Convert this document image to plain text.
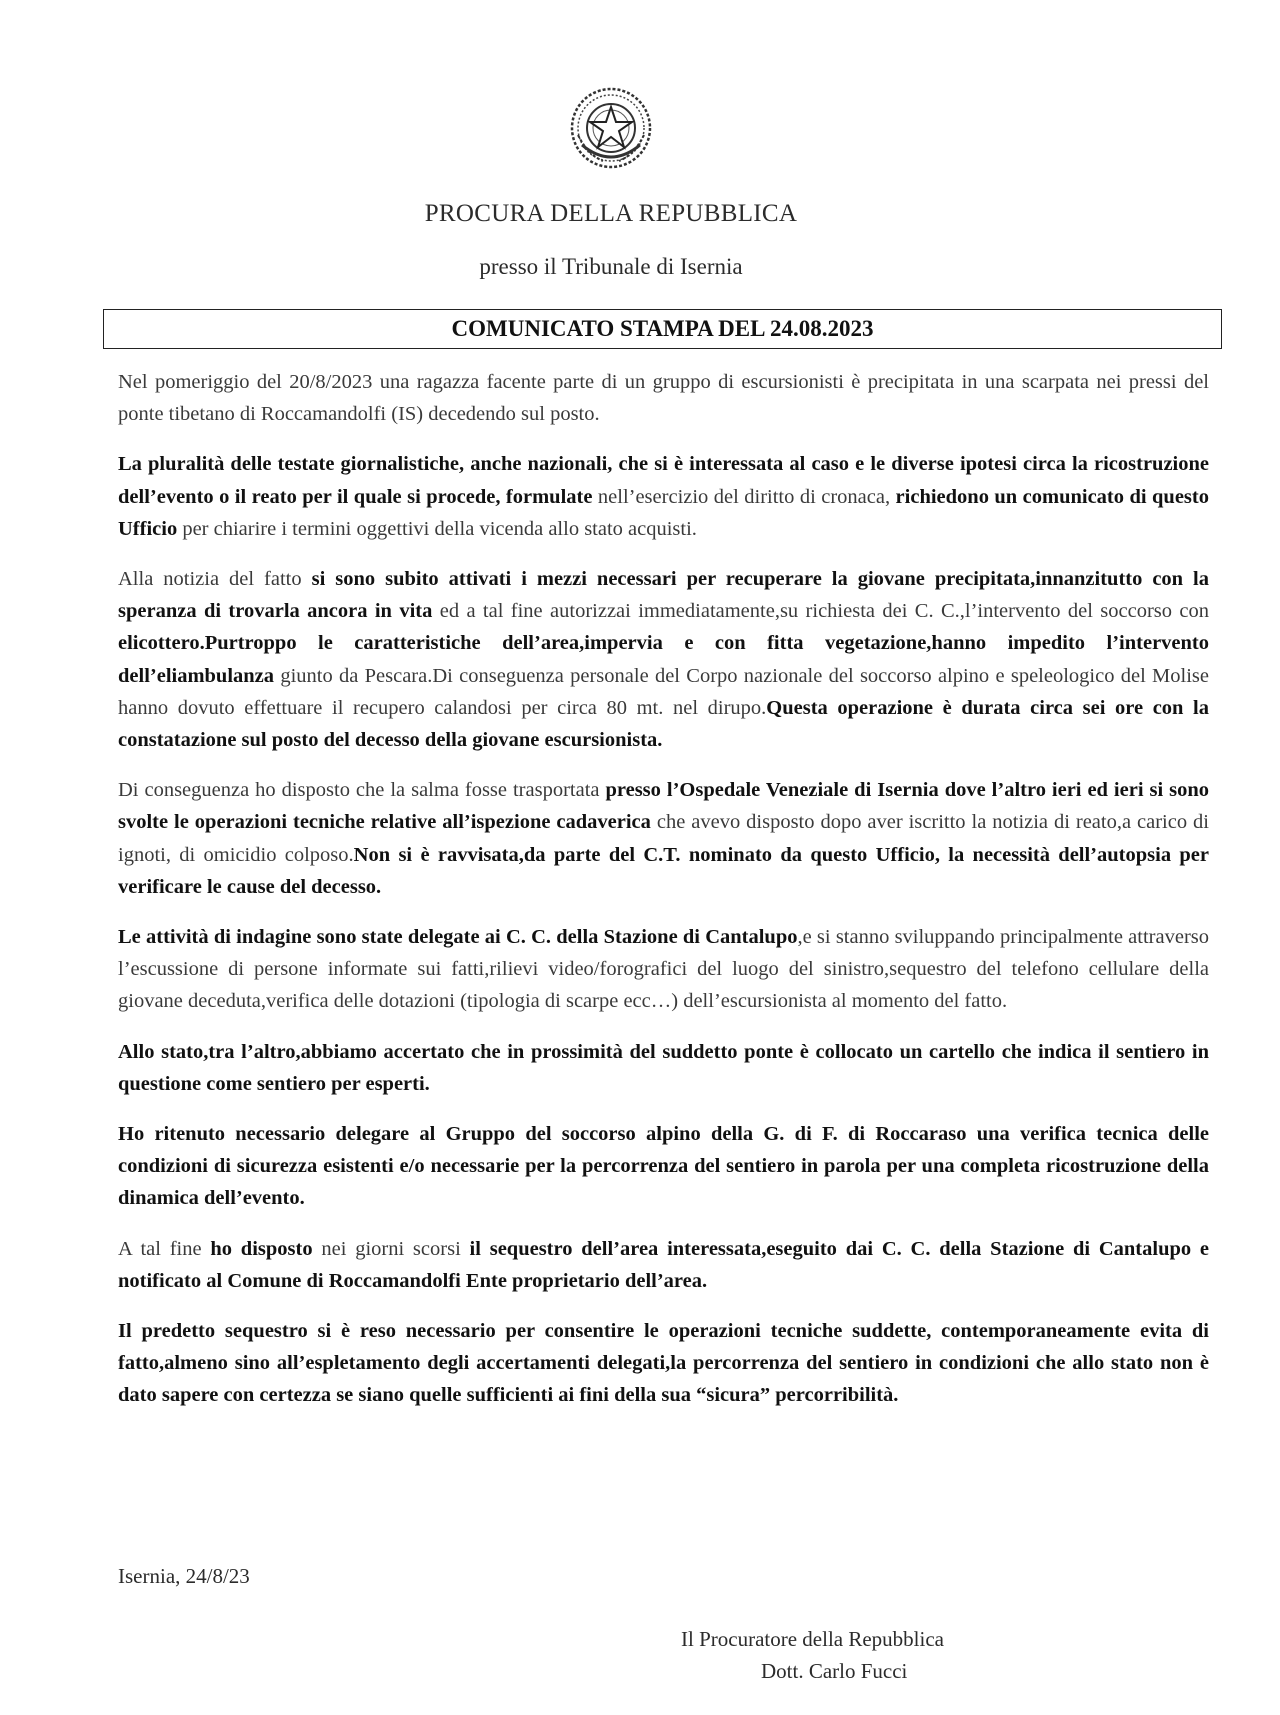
PROCURA DELLA REPUBBLICA
presso il Tribunale di Isernia
COMUNICATO STAMPA DEL 24.08.2023

Nel pomeriggio del 20/8/2023 una ragazza facente parte di un gruppo di escursionisti è precipitata in una scarpata nei pressi del ponte tibetano di Roccamandolfi (IS) decedendo sul posto.

La pluralità delle testate giornalistiche, anche nazionali, che si è interessata al caso e le diverse ipotesi circa la ricostruzione dell’evento o il reato per il quale si procede, formulate nell’esercizio del diritto di cronaca, richiedono un comunicato di questo Ufficio per chiarire i termini oggettivi della vicenda allo stato acquisti.

Alla notizia del fatto si sono subito attivati i mezzi necessari per recuperare la giovane precipitata,innanzitutto con la speranza di trovarla ancora in vita ed a tal fine autorizzai immediatamente,su richiesta dei C. C.,l’intervento del soccorso con elicottero.Purtroppo le caratteristiche dell’area,impervia e con fitta vegetazione,hanno impedito l’intervento dell’eliambulanza giunto da Pescara.Di conseguenza personale del Corpo nazionale del soccorso alpino e speleologico del Molise hanno dovuto effettuare il recupero calandosi per circa 80 mt. nel dirupo.Questa operazione è durata circa sei ore con la constatazione sul posto del decesso della giovane escursionista.

Di conseguenza ho disposto che la salma fosse trasportata presso l’Ospedale Veneziale di Isernia dove l’altro ieri ed ieri si sono svolte le operazioni tecniche relative all’ispezione cadaverica che avevo disposto dopo aver iscritto la notizia di reato,a carico di ignoti, di omicidio colposo.Non si è ravvisata,da parte del C.T. nominato da questo Ufficio, la necessità dell’autopsia per verificare le cause del decesso.

Le attività di indagine sono state delegate ai C. C. della Stazione di Cantalupo,e si stanno sviluppando principalmente attraverso l’escussione di persone informate sui fatti,rilievi video/forografici del luogo del sinistro,sequestro del telefono cellulare della giovane deceduta,verifica delle dotazioni (tipologia di scarpe ecc…) dell’escursionista al momento del fatto.

Allo stato,tra l’altro,abbiamo accertato che in prossimità del suddetto ponte è collocato un cartello che indica il sentiero in questione come sentiero per esperti.

Ho ritenuto necessario delegare al Gruppo del soccorso alpino della G. di F. di Roccaraso una verifica tecnica delle condizioni di sicurezza esistenti e/o necessarie per la percorrenza del sentiero in parola per una completa ricostruzione della dinamica dell’evento.

A tal fine ho disposto nei giorni scorsi il sequestro dell’area interessata,eseguito dai C. C. della Stazione di Cantalupo e notificato al Comune di Roccamandolfi Ente proprietario dell’area.

Il predetto sequestro si è reso necessario per consentire le operazioni tecniche suddette, contemporaneamente evita di fatto,almeno sino all’espletamento degli accertamenti delegati,la percorrenza del sentiero in condizioni che allo stato non è dato sapere con certezza se siano quelle sufficienti ai fini della sua “sicura” percorribilità.

Isernia, 24/8/23
Il Procuratore della Repubblica
Dott. Carlo Fucci
